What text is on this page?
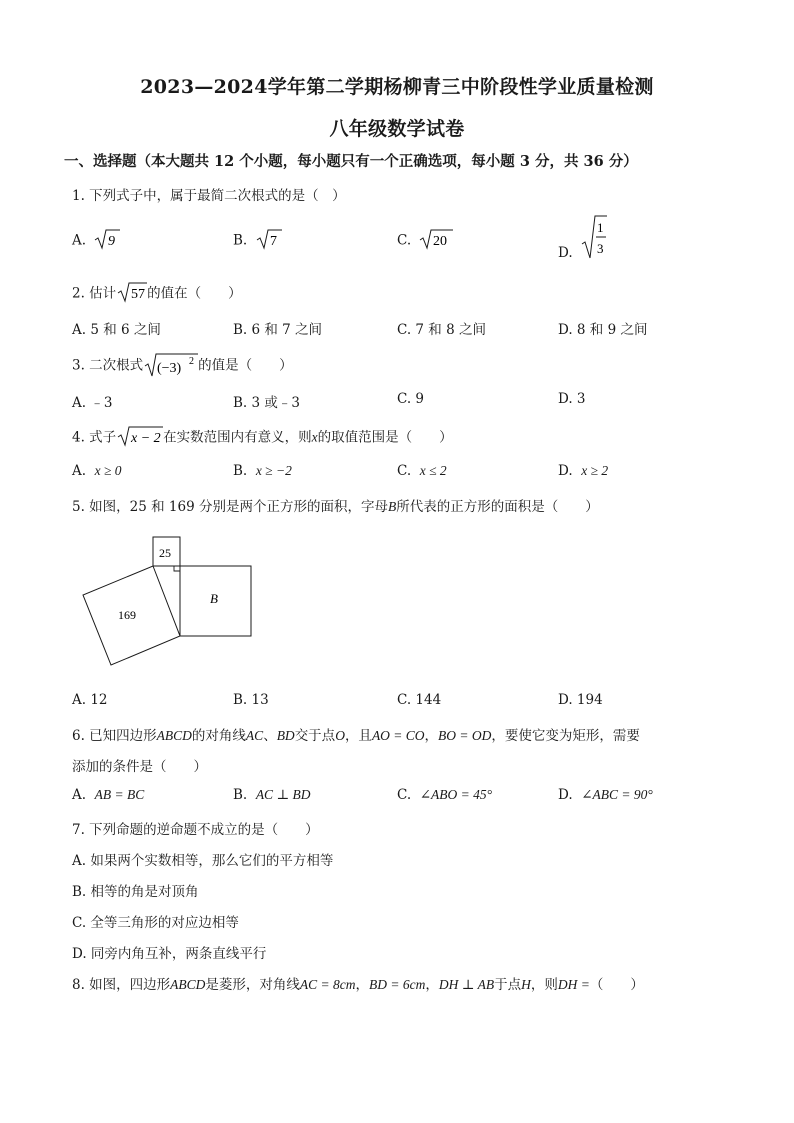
2023—2024学年第二学期杨柳青三中阶段性学业质量检测
八年级数学试卷
一、选择题（本大题共 12 个小题，每小题只有一个正确选项，每小题 3 分，共 36 分）
1. 下列式子中，属于最简二次根式的是（　）
A. 9	B. 7	C. 20
D.
1
3
2. 估计 57 的值在（　　）
A. 5 和 6 之间	B. 6 和 7 之间	C. 7 和 8 之间	D. 8 和 9 之间
3. 二次根式 (−3) 2 的值是（　　）
A. ﹣3	B. 3 或﹣3	C. 9	D. 3
4. 式子 x − 2 在实数范围内有意义，则x的取值范围是（　　）
A. x ≥ 0	B. x ≥ −2	C. x ≤ 2	D. x ≥ 2
5. 如图，25 和 169 分别是两个正方形的面积，字母B所代表的正方形的面积是（　　）
25
B
169
A. 12	B. 13	C. 144	D. 194
6. 已知四边形ABCD的对角线AC、BD交于点O，且AO = CO，BO = OD，要使它变为矩形，需要
添加的条件是（　　）
A. AB = BC	B. AC ⊥ BD	C. ∠ABO = 45°	D. ∠ABC = 90°
7. 下列命题的逆命题不成立的是（　　）
A. 如果两个实数相等，那么它们的平方相等
B. 相等的角是对顶角
C. 全等三角形的对应边相等
D. 同旁内角互补，两条直线平行
8. 如图，四边形ABCD是菱形，对角线AC = 8cm，BD = 6cm，DH ⊥ AB于点H，则DH =（　　）
